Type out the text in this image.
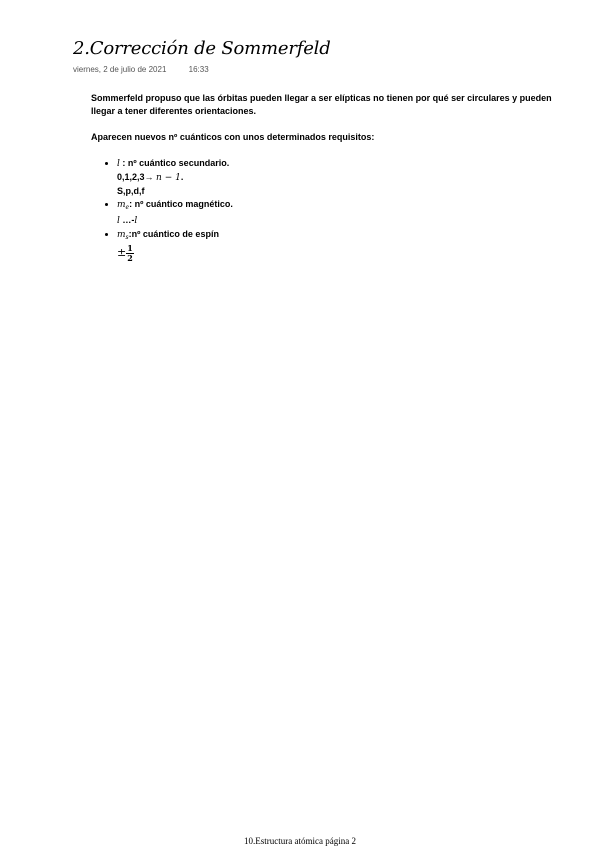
2.Corrección de Sommerfeld
viernes, 2 de julio de 2021	16:33

Sommerfeld propuso que las órbitas pueden llegar a ser elípticas no tienen por qué ser circulares y pueden
llegar a tener diferentes orientaciones.

Aparecen nuevos nº cuánticos con unos determinados requisitos:

l : nº cuántico secundario.
0,1,2,3→ n − 1.
S,p,d,f
$m_e$: nº cuántico magnético.
l …-l
$m_s:nº$ cuántico de espín
± $\frac{1}{2}$
10.Estructura atómica página 2
